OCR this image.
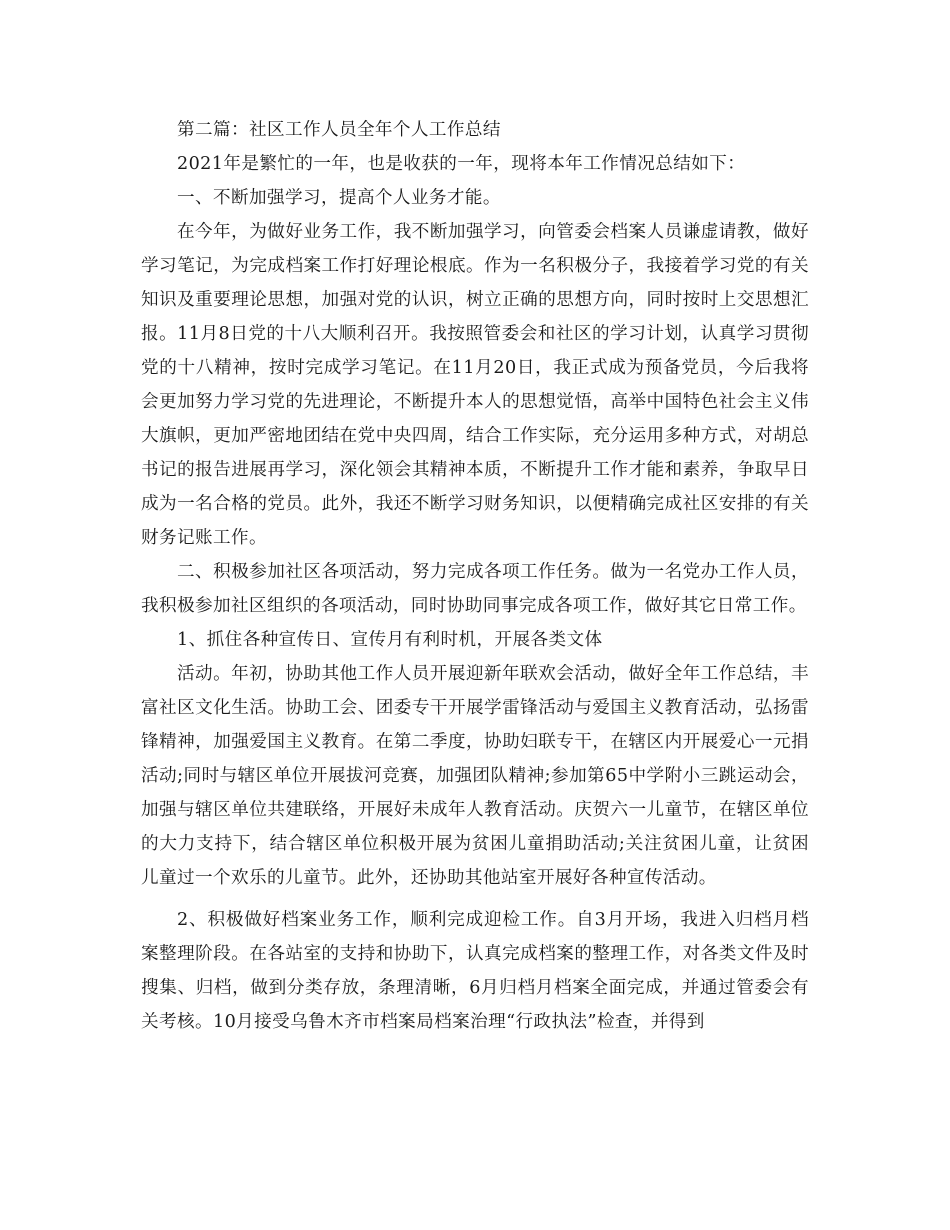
第二篇：社区工作人员全年个人工作总结

2021年是繁忙的一年，也是收获的一年，现将本年工作情况总结如下：

一、不断加强学习，提高个人业务才能。

在今年，为做好业务工作，我不断加强学习，向管委会档案人员谦虚请教，做好学习笔记，为完成档案工作打好理论根底。作为一名积极分子，我接着学习党的有关知识及重要理论思想，加强对党的认识，树立正确的思想方向，同时按时上交思想汇报。11月8日党的十八大顺利召开。我按照管委会和社区的学习计划，认真学习贯彻党的十八精神，按时完成学习笔记。在11月20日，我正式成为预备党员，今后我将会更加努力学习党的先进理论，不断提升本人的思想觉悟，高举中国特色社会主义伟大旗帜，更加严密地团结在党中央四周，结合工作实际，充分运用多种方式，对胡总书记的报告进展再学习，深化领会其精神本质，不断提升工作才能和素养，争取早日成为一名合格的党员。此外，我还不断学习财务知识，以便精确完成社区安排的有关财务记账工作。

二、积极参加社区各项活动，努力完成各项工作任务。做为一名党办工作人员，我积极参加社区组织的各项活动，同时协助同事完成各项工作，做好其它日常工作。

1、抓住各种宣传日、宣传月有利时机，开展各类文体

活动。年初，协助其他工作人员开展迎新年联欢会活动，做好全年工作总结，丰富社区文化生活。协助工会、团委专干开展学雷锋活动与爱国主义教育活动，弘扬雷锋精神，加强爱国主义教育。在第二季度，协助妇联专干，在辖区内开展爱心一元捐活动;同时与辖区单位开展拔河竞赛，加强团队精神;参加第65中学附小三跳运动会，加强与辖区单位共建联络，开展好未成年人教育活动。庆贺六一儿童节，在辖区单位的大力支持下，结合辖区单位积极开展为贫困儿童捐助活动;关注贫困儿童，让贫困儿童过一个欢乐的儿童节。此外，还协助其他站室开展好各种宣传活动。

2、积极做好档案业务工作，顺利完成迎检工作。自3月开场，我进入归档月档案整理阶段。在各站室的支持和协助下，认真完成档案的整理工作，对各类文件及时搜集、归档，做到分类存放，条理清晰，6月归档月档案全面完成，并通过管委会有关考核。10月接受乌鲁木齐市档案局档案治理“行政执法”检查，并得到
